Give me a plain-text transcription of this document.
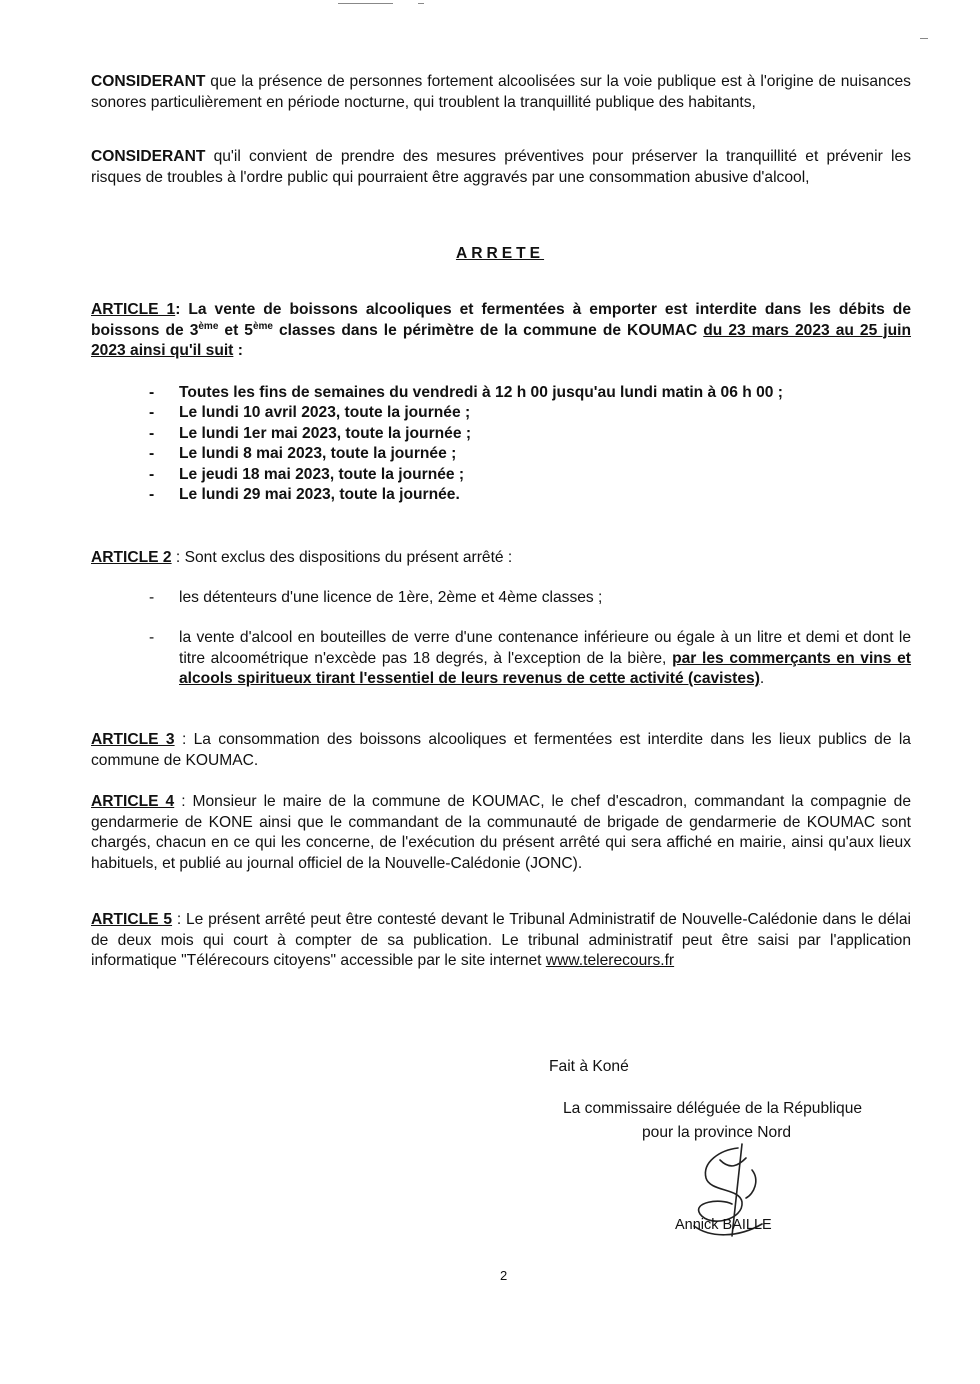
CONSIDERANT que la présence de personnes fortement alcoolisées sur la voie publique est à l'origine de nuisances sonores particulièrement en période nocturne, qui troublent la tranquillité publique des habitants,

CONSIDERANT qu'il convient de prendre des mesures préventives pour préserver la tranquillité et prévenir les risques de troubles à l'ordre public qui pourraient être aggravés par une consommation abusive d'alcool,

ARRETE

ARTICLE 1: La vente de boissons alcooliques et fermentées à emporter est interdite dans les débits de boissons de 3ème et 5ème classes dans le périmètre de la commune de KOUMAC du 23 mars 2023 au 25 juin 2023 ainsi qu'il suit :

- Toutes les fins de semaines du vendredi à 12 h 00 jusqu'au lundi matin à 06 h 00 ;
- Le lundi 10 avril 2023, toute la journée ;
- Le lundi 1er mai 2023, toute la journée ;
- Le lundi 8 mai 2023, toute la journée ;
- Le jeudi 18 mai 2023, toute la journée ;
- Le lundi 29 mai 2023, toute la journée.

ARTICLE 2 : Sont exclus des dispositions du présent arrêté :

- les détenteurs d'une licence de 1ère, 2ème et 4ème classes ;
- la vente d'alcool en bouteilles de verre d'une contenance inférieure ou égale à un litre et demi et dont le titre alcoométrique n'excède pas 18 degrés, à l'exception de la bière, par les commerçants en vins et alcools spiritueux tirant l'essentiel de leurs revenus de cette activité (cavistes).

ARTICLE 3 : La consommation des boissons alcooliques et fermentées est interdite dans les lieux publics de la commune de KOUMAC.

ARTICLE 4 : Monsieur le maire de la commune de KOUMAC, le chef d'escadron, commandant la compagnie de gendarmerie de KONE ainsi que le commandant de la communauté de brigade de gendarmerie de KOUMAC sont chargés, chacun en ce qui les concerne, de l'exécution du présent arrêté qui sera affiché en mairie, ainsi qu'aux lieux habituels, et publié au journal officiel de la Nouvelle-Calédonie (JONC).

ARTICLE 5 : Le présent arrêté peut être contesté devant le Tribunal Administratif de Nouvelle-Calédonie dans le délai de deux mois qui court à compter de sa publication. Le tribunal administratif peut être saisi par l'application informatique "Télérecours citoyens" accessible par le site internet www.telerecours.fr

Fait à Koné
La commissaire déléguée de la République
pour la province Nord
Annick BAILLE
2
